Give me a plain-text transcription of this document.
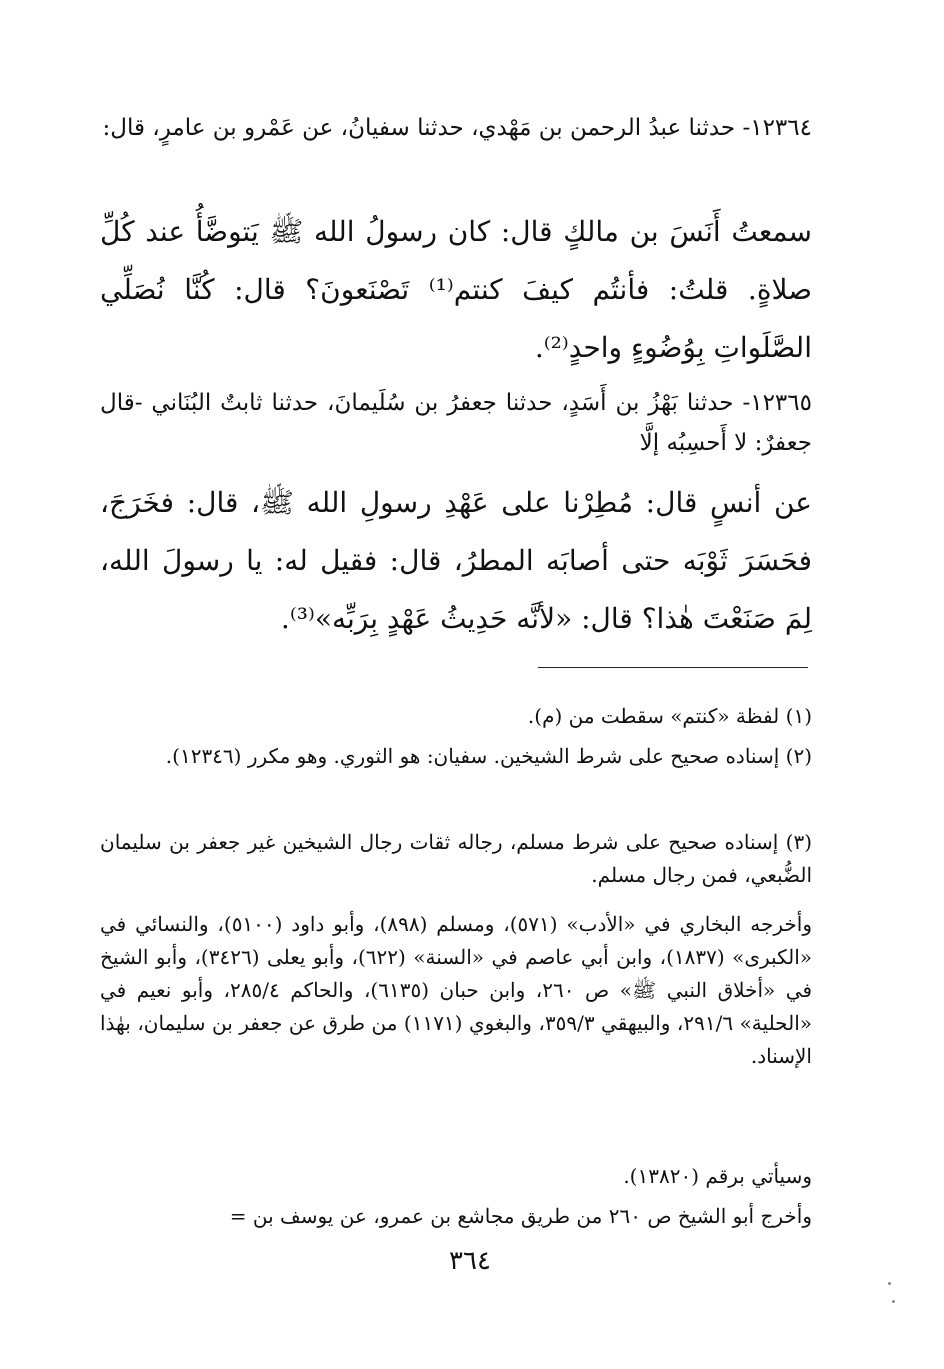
١٢٣٦٤- حدثنا عبدُ الرحمن بن مَهْدي، حدثنا سفيانُ، عن عَمْرو بن عامرٍ، قال:

سمعتُ أَنَسَ بن مالكٍ قال: كان رسولُ الله ﷺ يَتوضَّأُ عند كُلِّ صلاةٍ. قلتُ: فأنتُم كيفَ كنتم⁽¹⁾ تَصْنَعونَ؟ قال: كُنَّا نُصَلِّي الصَّلَواتِ بِوُضُوءٍ واحدٍ⁽²⁾.

١٢٣٦٥- حدثنا بَهْزُ بن أَسَدٍ، حدثنا جعفرُ بن سُلَيمانَ، حدثنا ثابتٌ البُنَاني -قال جعفرٌ: لا أَحسِبُه إلَّا

عن أنسٍ قال: مُطِرْنا على عَهْدِ رسولِ الله ﷺ، قال: فخَرَجَ، فحَسَرَ ثَوْبَه حتى أصابَه المطرُ، قال: فقيل له: يا رسولَ الله، لِمَ صَنَعْتَ هٰذا؟ قال: «لأنَّه حَدِيثُ عَهْدٍ بِرَبِّه»⁽³⁾.

(١) لفظة «كنتم» سقطت من (م).

(٢) إسناده صحيح على شرط الشيخين. سفيان: هو الثوري. وهو مكرر (١٢٣٤٦).

(٣) إسناده صحيح على شرط مسلم، رجاله ثقات رجال الشيخين غير جعفر بن سليمان الضُّبعي، فمن رجال مسلم.

وأخرجه البخاري في «الأدب» (٥٧١)، ومسلم (٨٩٨)، وأبو داود (٥١٠٠)، والنسائي في «الكبرى» (١٨٣٧)، وابن أبي عاصم في «السنة» (٦٢٢)، وأبو يعلى (٣٤٢٦)، وأبو الشيخ في «أخلاق النبي ﷺ» ص ٢٦٠، وابن حبان (٦١٣٥)، والحاكم ٢٨٥/٤، وأبو نعيم في «الحلية» ٢٩١/٦، والبيهقي ٣٥٩/٣، والبغوي (١١٧١) من طرق عن جعفر بن سليمان، بهٰذا الإسناد.

وسيأتي برقم (١٣٨٢٠).

وأخرج أبو الشيخ ص ٢٦٠ من طريق مجاشع بن عمرو، عن يوسف بن =

٣٦٤
